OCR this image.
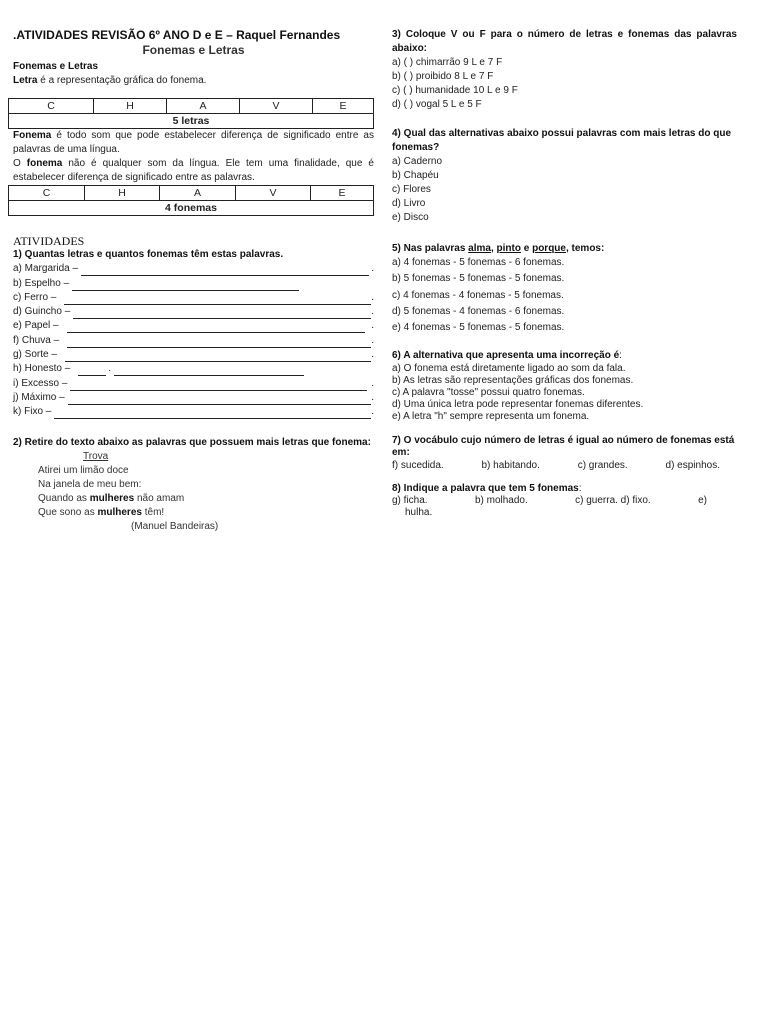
.ATIVIDADES REVISÃO 6º ANO D e E – Raquel Fernandes
Fonemas e Letras
Fonemas e Letras
Letra é a representação gráfica do fonema.
C	H	A	V	E
5 letras
Fonema é todo som que pode estabelecer diferença de significado entre as palavras de uma língua.
O fonema não é qualquer som da língua. Ele tem uma finalidade, que é estabelecer diferença de significado entre as palavras.
C	H	A	V	E
4 fonemas
ATIVIDADES
1) Quantas letras e quantos fonemas têm estas palavras.
a) Margarida –	.
b) Espelho –
c) Ferro –	.
d) Guincho –	.
e) Papel –	.
f) Chuva –	.
g) Sorte –	.
h) Honesto –	.
i) Excesso –	.
j) Máximo –	.
k) Fixo –	.
2) Retire do texto abaixo as palavras que possuem mais letras que fonema:
Trova
Atirei um limão doce
Na janela de meu bem:
Quando as mulheres não amam
Que sono as mulheres têm!
(Manuel Bandeiras)
3) Coloque V ou F para o número de letras e fonemas das palavras abaixo:
a) ( ) chimarrão 9 L e 7 F
b) ( ) proibido 8 L e 7 F
c) ( ) humanidade 10 L e 9 F
d) ( ) vogal 5 L e 5 F
4) Qual das alternativas abaixo possui palavras com mais letras do que fonemas?
a) Caderno
b) Chapéu
c) Flores
d) Livro
e) Disco
5) Nas palavras alma, pinto e porque, temos:
a) 4 fonemas - 5 fonemas - 6 fonemas.
b) 5 fonemas - 5 fonemas - 5 fonemas.
c) 4 fonemas - 4 fonemas - 5 fonemas.
d) 5 fonemas - 4 fonemas - 6 fonemas.
e) 4 fonemas - 5 fonemas - 5 fonemas.
6) A alternativa que apresenta uma incorreção é:
a) O fonema está diretamente ligado ao som da fala.
b) As letras são representações gráficas dos fonemas.
c) A palavra "tosse" possui quatro fonemas.
d) Uma única letra pode representar fonemas diferentes.
e) A letra "h" sempre representa um fonema.
7) O vocábulo cujo número de letras é igual ao número de fonemas está em:
f) sucedida.	b) habitando.	c) grandes.	d) espinhos.
8) Indique a palavra que tem 5 fonemas:
g) ficha.	b) molhado.	c) guerra. d) fixo.	e)
hulha.
